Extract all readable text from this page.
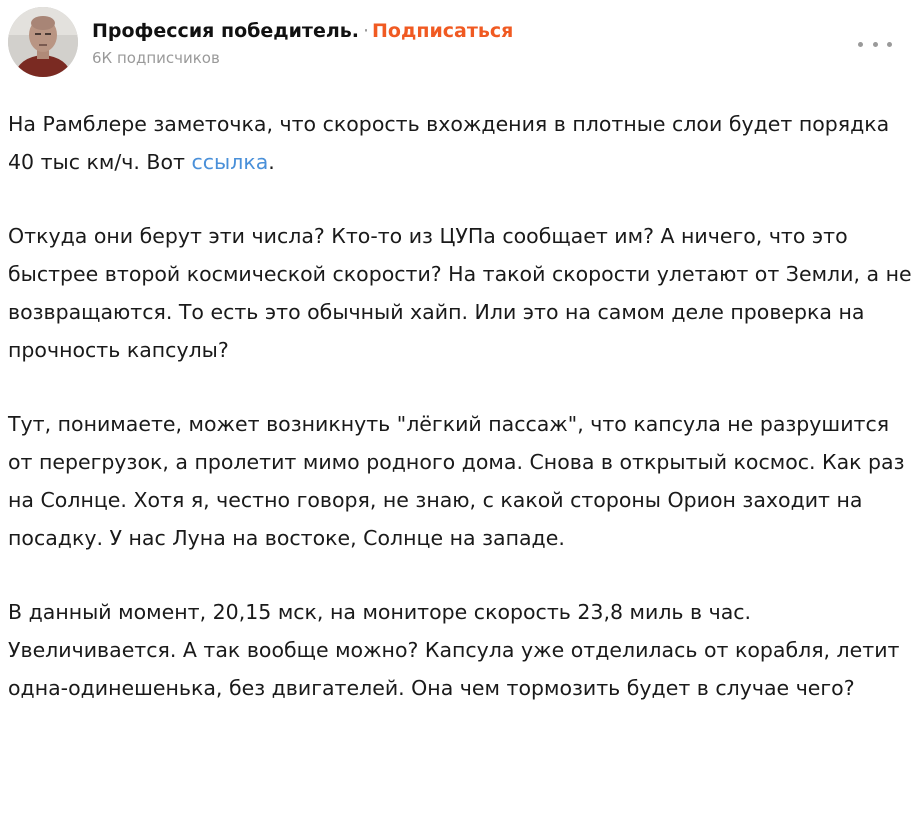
Профессия победитель. · Подписаться
6К подписчиков

На Рамблере заметочка, что скорость вхождения в плотные слои будет порядка 40 тыс км/ч. Вот ссылка.

Откуда они берут эти числа? Кто-то из ЦУПа сообщает им? А ничего, что это быстрее второй космической скорости? На такой скорости улетают от Земли, а не возвращаются. То есть это обычный хайп. Или это на самом деле проверка на прочность капсулы?

Тут, понимаете, может возникнуть "лёгкий пассаж", что капсула не разрушится от перегрузок, а пролетит мимо родного дома. Снова в открытый космос. Как раз на Солнце. Хотя я, честно говоря, не знаю, с какой стороны Орион заходит на посадку. У нас Луна на востоке, Солнце на западе.

В данный момент, 20,15 мск, на мониторе скорость 23,8 миль в час. Увеличивается. А так вообще можно? Капсула уже отделилась от корабля, летит одна-одинешенька, без двигателей. Она чем тормозить будет в случае чего?
